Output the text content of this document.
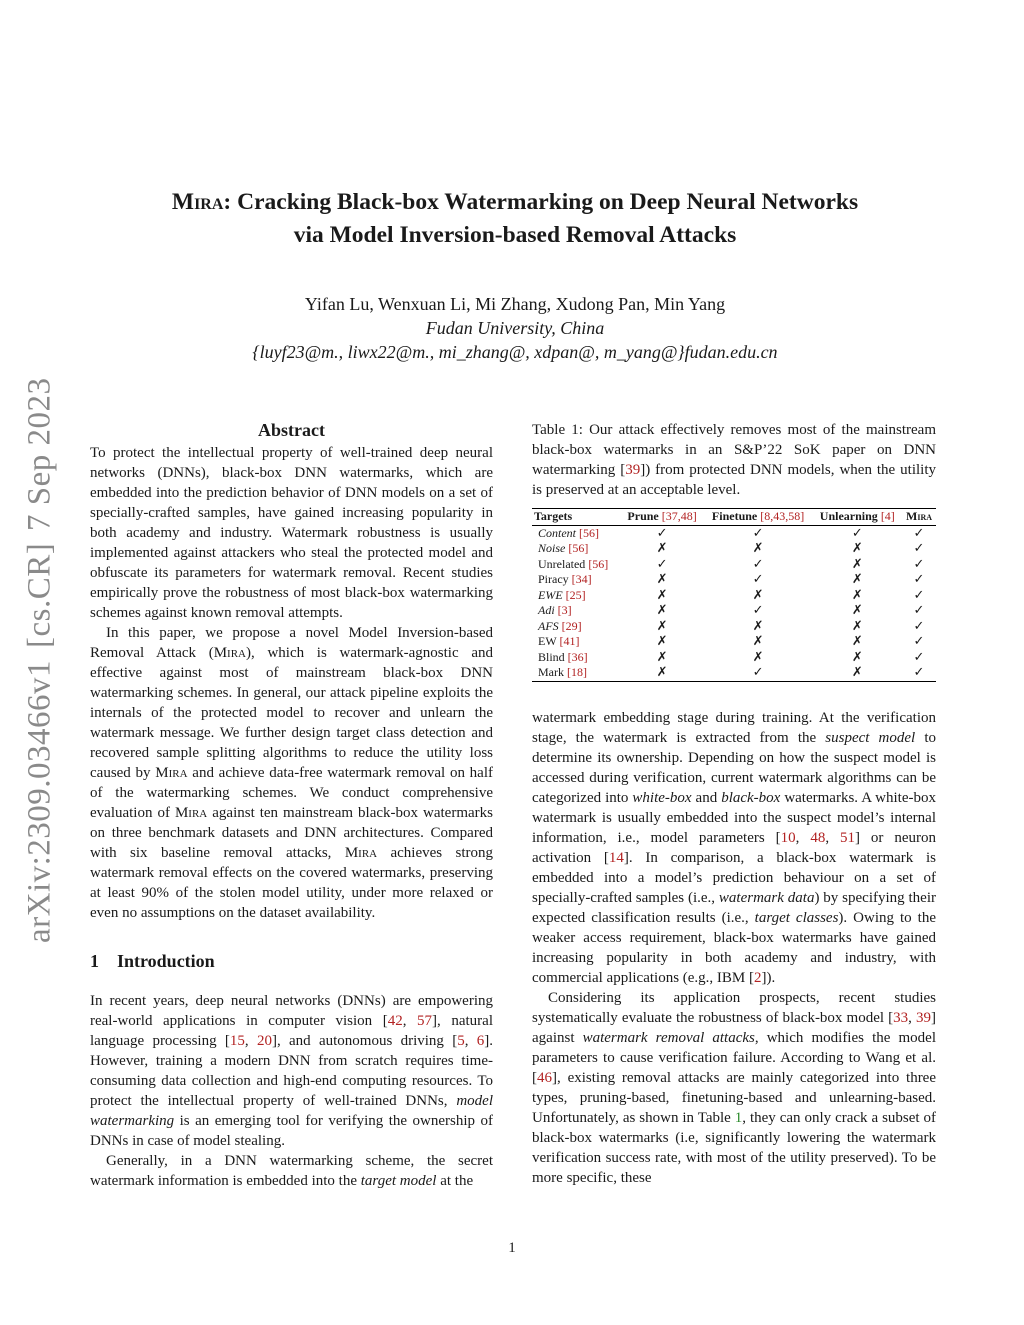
arXiv:2309.03466v1
[cs.CR]
7 Sep 2023
Mira: Cracking Black-box Watermarking on Deep Neural Networks
via Model Inversion-based Removal Attacks
Yifan Lu, Wenxuan Li, Mi Zhang, Xudong Pan, Min Yang
Fudan University, China
{luyf23@m., liwx22@m., mi_zhang@, xdpan@, m_yang@}fudan.edu.cn
Abstract

To protect the intellectual property of well-trained deep neural networks (DNNs), black-box DNN watermarks, which are embedded into the prediction behavior of DNN models on a set of specially-crafted samples, have gained increasing popularity in both academy and industry. Watermark robustness is usually implemented against attackers who steal the protected model and obfuscate its parameters for watermark removal. Recent studies empirically prove the robustness of most black-box watermarking schemes against known removal attempts.

In this paper, we propose a novel Model Inversion-based Removal Attack (Mira), which is watermark-agnostic and effective against most of mainstream black-box DNN watermarking schemes. In general, our attack pipeline exploits the internals of the protected model to recover and unlearn the watermark message. We further design target class detection and recovered sample splitting algorithms to reduce the utility loss caused by Mira and achieve data-free watermark removal on half of the watermarking schemes. We conduct comprehensive evaluation of Mira against ten mainstream black-box watermarks on three benchmark datasets and DNN architectures. Compared with six baseline removal attacks, Mira achieves strong watermark removal effects on the covered watermarks, preserving at least 90% of the stolen model utility, under more relaxed or even no assumptions on the dataset availability.

1 Introduction

In recent years, deep neural networks (DNNs) are empowering real-world applications in computer vision [42, 57], natural language processing [15, 20], and autonomous driving [5, 6]. However, training a modern DNN from scratch requires time-consuming data collection and high-end computing resources. To protect the intellectual property of well-trained DNNs, model watermarking is an emerging tool for verifying the ownership of DNNs in case of model stealing.

Generally, in a DNN watermarking scheme, the secret watermark information is embedded into the target model at the

Table 1: Our attack effectively removes most of the mainstream black-box watermarks in an S&P’22 SoK paper on DNN watermarking [39]) from protected DNN models, when the utility is preserved at an acceptable level.

Targets	Prune [37,48]	Finetune [8,43,58]	Unlearning [4]	Mira
Content [56]	✓	✓	✓	✓
Noise [56]	✗	✗	✗	✓
Unrelated [56]	✓	✓	✗	✓
Piracy [34]	✗	✓	✗	✓
EWE [25]	✗	✗	✗	✓
Adi [3]	✗	✓	✗	✓
AFS [29]	✗	✗	✗	✓
EW [41]	✗	✗	✗	✓
Blind [36]	✗	✗	✗	✓
Mark [18]	✗	✓	✗	✓

watermark embedding stage during training. At the verification stage, the watermark is extracted from the suspect model to determine its ownership. Depending on how the suspect model is accessed during verification, current watermark algorithms can be categorized into white-box and black-box watermarks. A white-box watermark is usually embedded into the suspect model’s internal information, i.e., model parameters [10, 48, 51] or neuron activation [14]. In comparison, a black-box watermark is embedded into a model’s prediction behaviour on a set of specially-crafted samples (i.e., watermark data) by specifying their expected classification results (i.e., target classes). Owing to the weaker access requirement, black-box watermarks have gained increasing popularity in both academy and industry, with commercial applications (e.g., IBM [2]).

Considering its application prospects, recent studies systematically evaluate the robustness of black-box model [33, 39] against watermark removal attacks, which modifies the model parameters to cause verification failure. According to Wang et al. [46], existing removal attacks are mainly categorized into three types, pruning-based, finetuning-based and unlearning-based. Unfortunately, as shown in Table 1, they can only crack a subset of black-box watermarks (i.e, significantly lowering the watermark verification success rate, with most of the utility preserved). To be more specific, these

1
